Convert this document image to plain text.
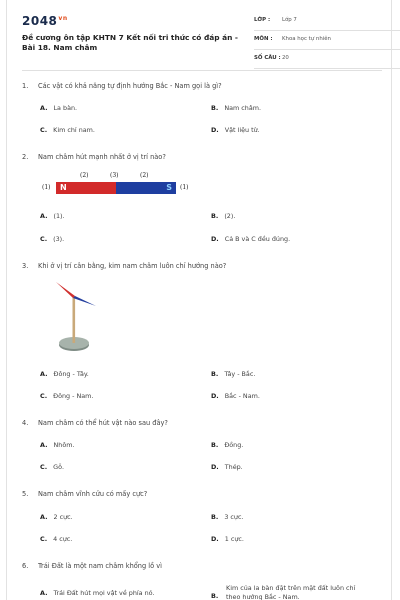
$2048^{vn}$
Đề cương ôn tập KHTN 7 Kết nối tri thức có đáp án - Bài 18. Nam châm
LỚP : Lớp 7
MÔN : Khoa học tự nhiên
SỐ CÂU : 20
1. Các vật có khả năng tự định hướng Bắc - Nam gọi là gì?
A. La bàn.	B. Nam châm.
C. Kim chỉ nam.	D. Vật liệu từ.
2. Nam châm hút mạnh nhất ở vị trí nào?
(2)	(3)	(2)
(1) N	S (1)
A. (1).	B. (2).
C. (3).	D. Cả B và C đều đúng.
3. Khi ở vị trí cân bằng, kim nam châm luôn chỉ hướng nào?
A. Đông - Tây.	B. Tây - Bắc.
C. Đông - Nam.	D. Bắc - Nam.
4. Nam châm có thể hút vật nào sau đây?
A. Nhôm.	B. Đồng.
C. Gỗ.	D. Thép.
5. Nam châm vĩnh cửu có mấy cực?
A. 2 cực.	B. 3 cực.
C. 4 cực.	D. 1 cực.
6. Trái Đất là một nam châm khổng lồ vì
A. Trái Đất hút mọi vật về phía nó.	B.
Kim của la bàn đặt trên mặt đất luôn chỉ theo hướng Bắc - Nam.
